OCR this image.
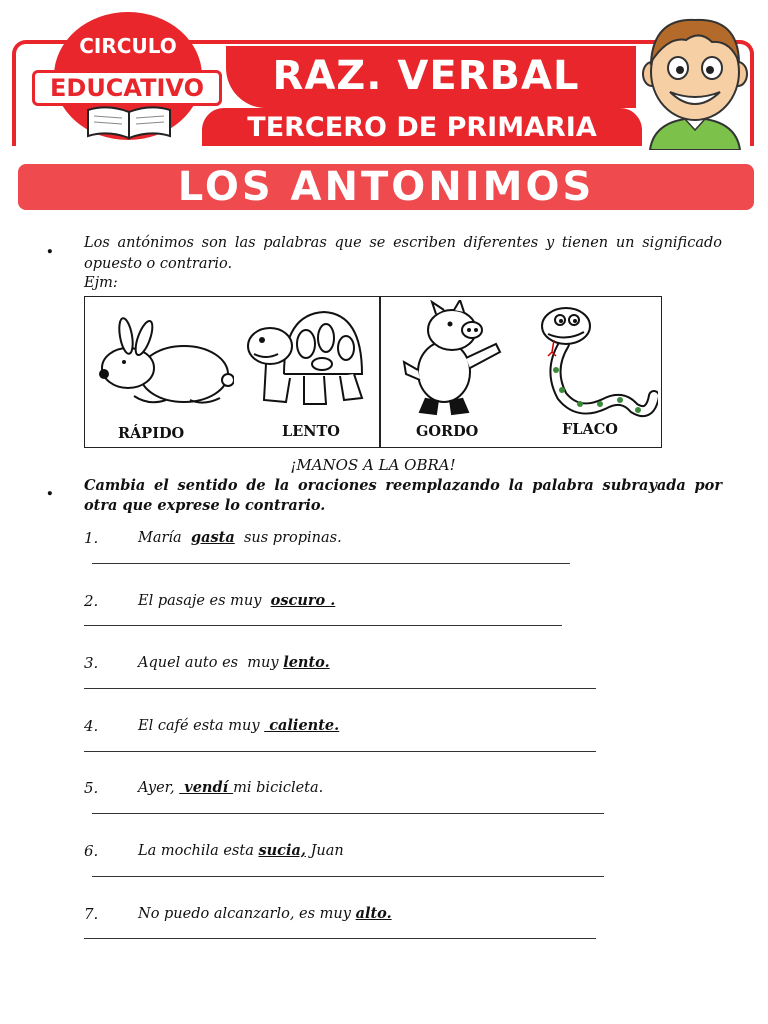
RAZ. VERBAL
TERCERO DE PRIMARIA
CIRCULO
EDUCATIVO
LOS ANTONIMOS
. Los antónimos son las palabras que se escriben diferentes y tienen un significado opuesto o contrario.
Ejm:
RÁPIDO	LENTO	GORDO	FLACO
¡MANOS A LA OBRA!
. Cambia el sentido de la oraciones reemplazando la palabra subrayada por otra que exprese lo contrario.
1.	María  gasta  sus propinas.
2.	El pasaje es muy  oscuro .
3.	Aquel auto es  muy lento.
4.	El café esta muy  caliente.
5.	Ayer,  vendí mi bicicleta.
6.	La mochila esta sucia, Juan
7.	No puedo alcanzarlo, es muy alto.
